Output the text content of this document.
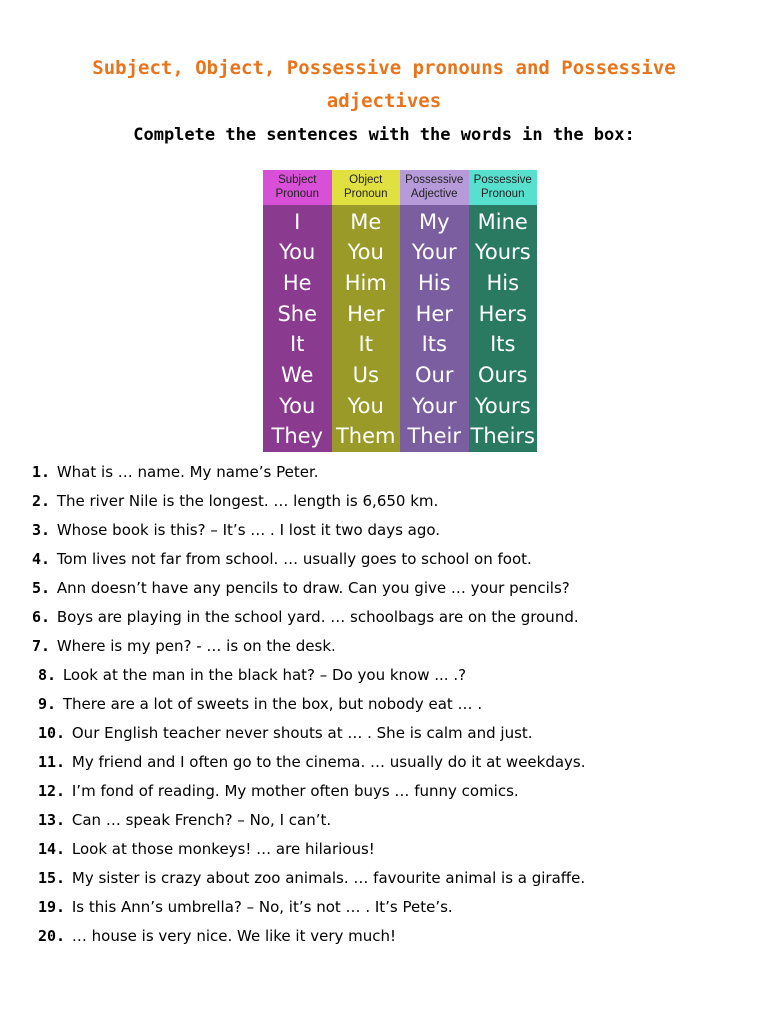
Subject, Object, Possessive pronouns and Possessive
adjectives
Complete the sentences with the words in the box:
Subject
Pronoun
I
You
He
She
It
We
You
They
Object
Pronoun
Me
You
Him
Her
It
Us
You
Them
Possessive
Adjective
My
Your
His
Her
Its
Our
Your
Their
Possessive
Pronoun
Mine
Yours
His
Hers
Its
Ours
Yours
Theirs
1. What is … name. My name’s Peter.
2. The river Nile is the longest. … length is 6,650 km.
3. Whose book is this? – It’s … . I lost it two days ago.
4. Tom lives not far from school. … usually goes to school on foot.
5. Ann doesn’t have any pencils to draw. Can you give … your pencils?
6. Boys are playing in the school yard. … schoolbags are on the ground.
7. Where is my pen? - … is on the desk.
8. Look at the man in the black hat? – Do you know ... .?
9. There are a lot of sweets in the box, but nobody eat … .
10. Our English teacher never shouts at … . She is calm and just.
11. My friend and I often go to the cinema. … usually do it at weekdays.
12. I’m fond of reading. My mother often buys … funny comics.
13. Can … speak French? – No, I can’t.
14. Look at those monkeys! … are hilarious!
15. My sister is crazy about zoo animals. … favourite animal is a giraffe.
19. Is this Ann’s umbrella? – No, it’s not … . It’s Pete’s.
20. … house is very nice. We like it very much!
